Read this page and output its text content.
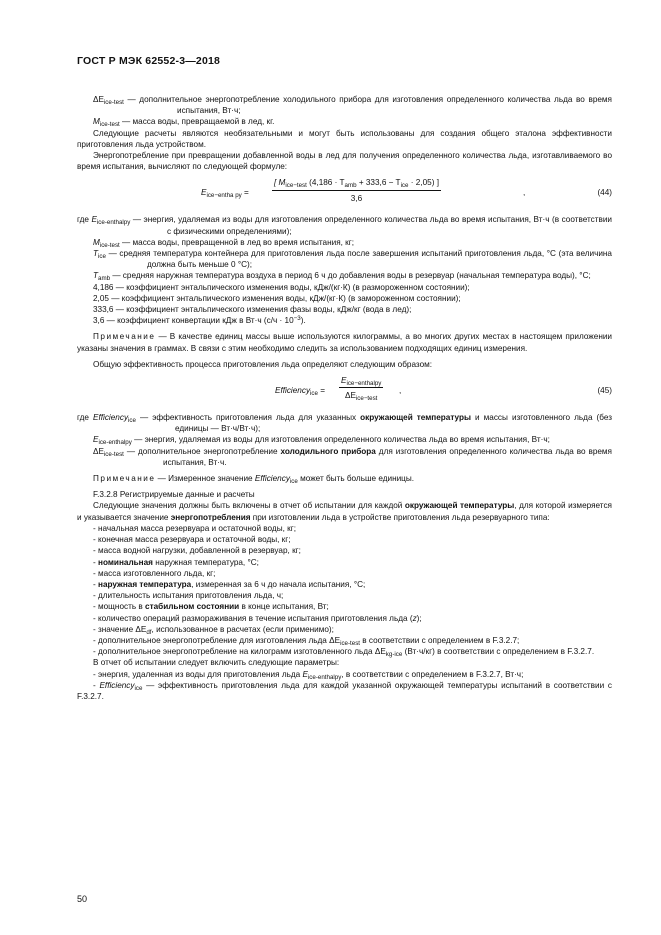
ГОСТ Р МЭК 62552-3—2018

$\Delta E_{ice-test}$ — дополнительное энергопотребление холодильного прибора для изготовления определенного количества льда во время испытания, Вт·ч;

$M_{ice-test}$ — масса воды, превращаемой в лед, кг.

Следующие расчеты являются необязательными и могут быть использованы для создания общего эталона эффективности приготовления льда устройством.

Энергопотребление при превращении добавленной воды в лед для получения определенного количества льда, изготавливаемого во время испытания, вычисляют по следующей формуле:

$E_{ice-entha py}$ =
[ $M_{ice-test}$ $(4,186 \cdot T_{amb} + 333,6 - T_{ice} \cdot 2,05)$ ]
3,6
,	(44)

где $E_{ice-enthalpy}$ — энергия, удаляемая из воды для изготовления определенного количества льда во время испытания, Вт·ч (в соответствии с физическими определениями);

$M_{ice-test}$ — масса воды, превращенной в лед во время испытания, кг;

$T_{ice}$ — средняя температура контейнера для приготовления льда после завершения испытаний приготовления льда, °С (эта величина должна быть меньше 0 °С);

$T_{amb}$ — средняя наружная температура воздуха в период 6 ч до добавления воды в резервуар (начальная температура воды), °С;

4,186 — коэффициент энтальпического изменения воды, кДж/(кг·К) (в размороженном состоянии);

2,05 — коэффициент энтальпического изменения воды, кДж/(кг·К) (в замороженном состоянии);

333,6 — коэффициент энтальпического изменения фазы воды, кДж/кг (вода в лед);

3,6 — коэффициент конвертации кДж в Вт·ч $(с/ч \cdot 10^{-3})$.

Примечание — В качестве единиц массы выше используются килограммы, а во многих других местах в настоящем приложении указаны значения в граммах. В связи с этим необходимо следить за использованием подходящих единиц измерения.

Общую эффективность процесса приготовления льда определяют следующим образом:

Efficiency$_{ice}$ =
$E_{ice-enthalpy}$
$\Delta E_{ice-test}$
,	(45)

где Efficiency$_{ice}$ — эффективность приготовления льда для указанных окружающей температуры и массы изготовленного льда (без единицы — Вт·ч/Вт·ч);

$E_{ice-enthalpy}$ — энергия, удаляемая из воды для изготовления определенного количества льда во время испытания, Вт·ч;

$\Delta E_{ice-test}$ — дополнительное энергопотребление холодильного прибора для изготовления определенного количества льда во время испытания, Вт·ч.

Примечание — Измеренное значение Efficiency$_{ice}$ может быть больше единицы.

F.3.2.8 Регистрируемые данные и расчеты

Следующие значения должны быть включены в отчет об испытании для каждой окружающей температуры, для которой измеряется и указывается значение энергопотребления при изготовлении льда в устройстве приготовления льда резервуарного типа:

- начальная масса резервуара и остаточной воды, кг;

- конечная масса резервуара и остаточной воды, кг;

- масса водной нагрузки, добавленной в резервуар, кг;

- номинальная наружная температура, °С;

- масса изготовленного льда, кг;

- наружная температура, измеренная за 6 ч до начала испытания, °С;

- длительность испытания приготовления льда, ч;

- мощность в стабильном состоянии в конце испытания, Вт;

- количество операций размораживания в течение испытания приготовления льда (z);

- значение $\Delta E_{df}$, использованное в расчетах (если применимо);

- дополнительное энергопотребление для изготовления льда $\Delta E_{ice-test}$ в соответствии с определением в F.3.2.7;

- дополнительное энергопотребление на килограмм изготовленного льда $\Delta E_{kg-ice}$ (Вт·ч/кг) в соответствии с определением в F.3.2.7.

В отчет об испытании следует включить следующие параметры:

- энергия, удаленная из воды для приготовления льда $E_{ice-enthalpy}$, в соответствии с определением в F.3.2.7, Вт·ч;

- Efficiency$_{ice}$ — эффективность приготовления льда для каждой указанной окружающей температуры испытаний в соответствии с F.3.2.7.

50
